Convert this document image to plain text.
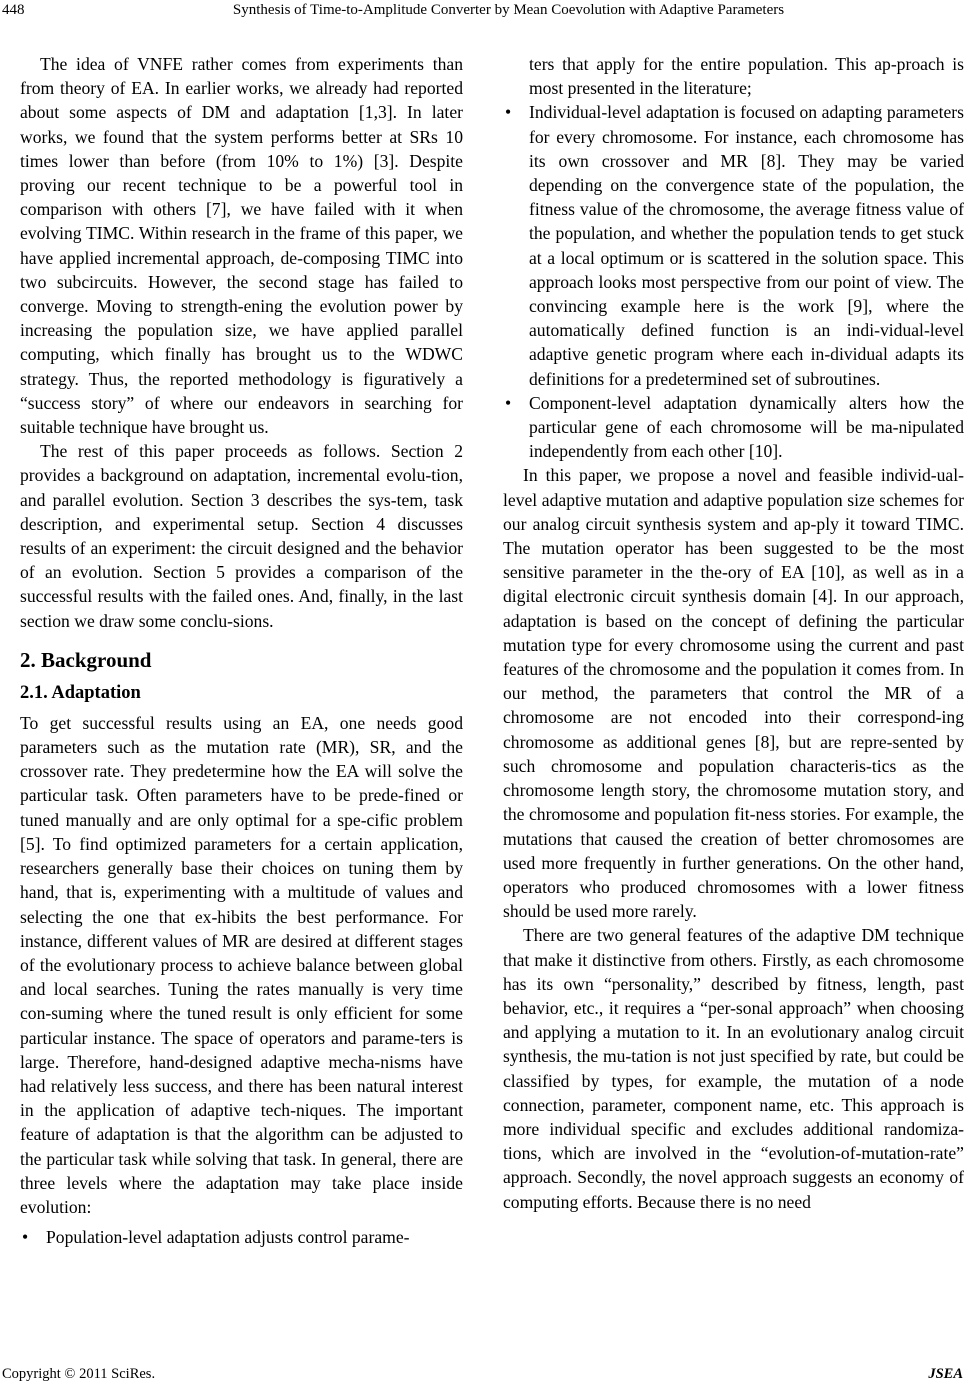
448	Synthesis of Time-to-Amplitude Converter by Mean Coevolution with Adaptive Parameters

The idea of VNFE rather comes from experiments than from theory of EA. In earlier works, we already had reported about some aspects of DM and adaptation [1,3]. In later works, we found that the system performs better at SRs 10 times lower than before (from 10% to 1%) [3]. Despite proving our recent technique to be a powerful tool in comparison with others [7], we have failed with it when evolving TIMC. Within research in the frame of this paper, we have applied incremental approach, de-composing TIMC into two subcircuits. However, the second stage has failed to converge. Moving to strength-ening the evolution power by increasing the population size, we have applied parallel computing, which finally has brought us to the WDWC strategy. Thus, the reported methodology is figuratively a “success story” of where our endeavors in searching for suitable technique have brought us.

The rest of this paper proceeds as follows. Section 2 provides a background on adaptation, incremental evolu-tion, and parallel evolution. Section 3 describes the sys-tem, task description, and experimental setup. Section 4 discusses results of an experiment: the circuit designed and the behavior of an evolution. Section 5 provides a comparison of the successful results with the failed ones. And, finally, in the last section we draw some conclu-sions.

2. Background
2.1. Adaptation

To get successful results using an EA, one needs good parameters such as the mutation rate (MR), SR, and the crossover rate. They predetermine how the EA will solve the particular task. Often parameters have to be prede-fined or tuned manually and are only optimal for a spe-cific problem [5]. To find optimized parameters for a certain application, researchers generally base their choices on tuning them by hand, that is, experimenting with a multitude of values and selecting the one that ex-hibits the best performance. For instance, different values of MR are desired at different stages of the evolutionary process to achieve balance between global and local searches. Tuning the rates manually is very time con-suming where the tuned result is only efficient for some particular instance. The space of operators and parame-ters is large. Therefore, hand-designed adaptive mecha-nisms have had relatively less success, and there has been natural interest in the application of adaptive tech-niques. The important feature of adaptation is that the algorithm can be adjusted to the particular task while solving that task. In general, there are three levels where the adaptation may take place inside evolution:

• Population-level adaptation adjusts control parame-
ters that apply for the entire population. This ap-proach is most presented in the literature;
• Individual-level adaptation is focused on adapting parameters for every chromosome. For instance, each chromosome has its own crossover and MR [8]. They may be varied depending on the convergence state of the population, the fitness value of the chromosome, the average fitness value of the population, and whether the population tends to get stuck at a local optimum or is scattered in the solution space. This approach looks most perspective from our point of view. The convincing example here is the work [9], where the automatically defined function is an indi-vidual-level adaptive genetic program where each in-dividual adapts its definitions for a predetermined set of subroutines.
• Component-level adaptation dynamically alters how the particular gene of each chromosome will be ma-nipulated independently from each other [10].

In this paper, we propose a novel and feasible individ-ual-level adaptive mutation and adaptive population size schemes for our analog circuit synthesis system and ap-ply it toward TIMC. The mutation operator has been suggested to be the most sensitive parameter in the the-ory of EA [10], as well as in a digital electronic circuit synthesis domain [4]. In our approach, adaptation is based on the concept of defining the particular mutation type for every chromosome using the current and past features of the chromosome and the population it comes from. In our method, the parameters that control the MR of a chromosome are not encoded into their correspond-ing chromosome as additional genes [8], but are repre-sented by such chromosome and population characteris-tics as the chromosome length story, the chromosome mutation story, and the chromosome and population fit-ness stories. For example, the mutations that caused the creation of better chromosomes are used more frequently in further generations. On the other hand, operators who produced chromosomes with a lower fitness should be used more rarely.

There are two general features of the adaptive DM technique that make it distinctive from others. Firstly, as each chromosome has its own “personality,” described by fitness, length, past behavior, etc., it requires a “per-sonal approach” when choosing and applying a mutation to it. In an evolutionary analog circuit synthesis, the mu-tation is not just specified by rate, but could be classified by types, for example, the mutation of a node connection, parameter, component name, etc. This approach is more individual specific and excludes additional randomiza-tions, which are involved in the “evolution-of-mutation-rate” approach. Secondly, the novel approach suggests an economy of computing efforts. Because there is no need

Copyright © 2011 SciRes.	JSEA
